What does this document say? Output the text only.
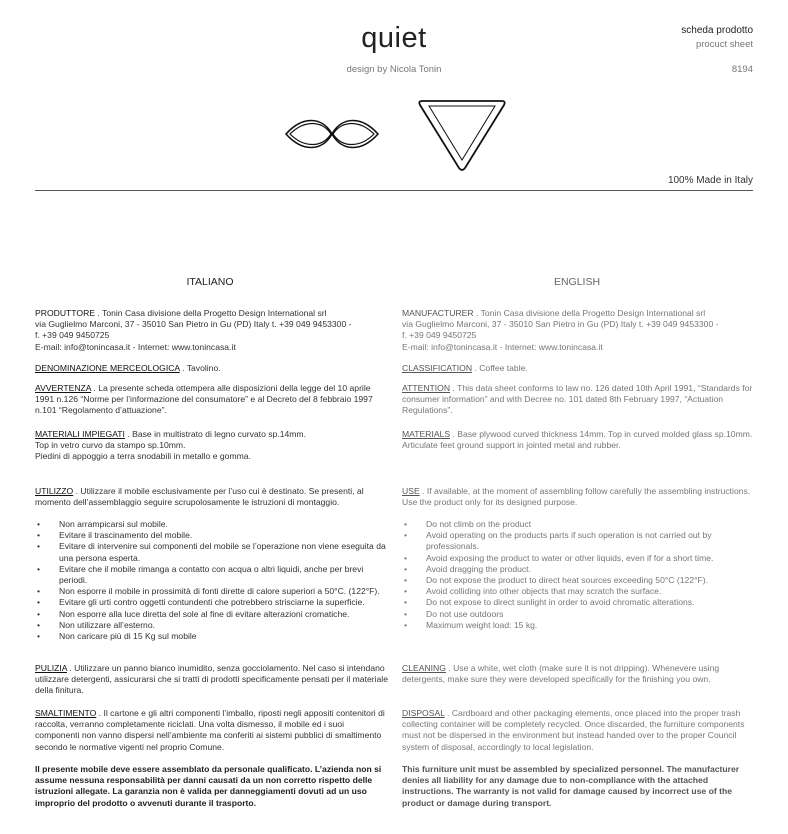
quiet
design by Nicola Tonin
scheda prodotto
procuct sheet
8194
100% Made in Italy
ITALIANO	ENGLISH
PRODUTTORE . Tonin Casa divisione della Progetto Design International srl
via Guglielmo Marconi, 37 - 35010 San Pietro in Gu (PD) Italy t. +39 049 9453300 -
f. +39 049 9450725
E-mail: info@tonincasa.it - Internet: www.tonincasa.it
DENOMINAZIONE MERCEOLOGICA . Tavolino.
AVVERTENZA . La presente scheda ottempera alle disposizioni della legge del 10 aprile 1991 n.126 “Norme per l’informazione del consumatore” e al Decreto del 8 febbraio 1997 n.101 “Regolamento d’attuazione”.
MATERIALI IMPIEGATI . Base in multistrato di legno curvato sp.14mm.
Top in vetro curvo da stampo sp.10mm.
Piedini di appoggio a terra snodabili in metallo e gomma.
UTILIZZO . Utilizzare il mobile esclusivamente per l’uso cui è destinato. Se presenti, al momento dell’assemblaggio seguire scrupolosamente le istruzioni di montaggio.
• Non arrampicarsi sul mobile.
• Evitare il trascinamento del mobile.
• Evitare di intervenire sui componenti del mobile se l’operazione non viene eseguita da una persona esperta.
• Evitare che il mobile rimanga a contatto con acqua o altri liquidi, anche per brevi periodi.
• Non esporre il mobile in prossimità di fonti dirette di calore superiori a 50°C. (122°F).
• Evitare gli urti contro oggetti contundenti che potrebbero strisciarne la superficie.
• Non esporre alla luce diretta del sole al fine di evitare alterazioni cromatiche.
• Non utilizzare all’esterno.
• Non caricare più di 15 Kg sul mobile
PULIZIA . Utilizzare un panno bianco inumidito, senza gocciolamento. Nel caso si intendano utilizzare detergenti, assicurarsi che si tratti di prodotti specificamente pensati per il materiale della finitura.
SMALTIMENTO . Il cartone e gli altri componenti l’imballo, riposti negli appositi contenitori di raccolta, verranno completamente riciclati. Una volta dismesso, il mobile ed i suoi componenti non vanno dispersi nell’ambiente ma conferiti ai sistemi pubblici di smaltimento secondo le normative vigenti nel proprio Comune.
Il presente mobile deve essere assemblato da personale qualificato. L’azienda non si assume nessuna responsabilità per danni causati da un non corretto rispetto delle istruzioni allegate. La garanzia non è valida per danneggiamenti dovuti ad un uso improprio del prodotto o avvenuti durante il trasporto.
MANUFACTURER . Tonin Casa divisione della Progetto Design International srl
via Guglielmo Marconi, 37 - 35010 San Pietro in Gu (PD) Italy t. +39 049 9453300 -
f. +39 049 9450725
E-mail: info@tonincasa.it - Internet: www.tonincasa.it
CLASSIFICATION . Coffee table.
ATTENTION . This data sheet conforms to law no. 126 dated 10th April 1991, “Standards for consumer information” and with Decree no. 101 dated 8th February 1997, “Actuation Regulations”.
MATERIALS . Base plywood curved thickness 14mm. Top in curved molded glass sp.10mm. Articulate feet ground support in jointed metal and rubber.
USE . If available, at the moment of assembling follow carefully the assembling instructions. Use the product only for its designed purpose.
• Do not climb on the product
• Avoid operating on the products parts if such operation is not carried out by professionals.
• Avoid exposing the product to water or other liquids, even if for a short time.
• Avoid dragging the product.
• Do not expose the product to direct heat sources exceeding 50°C (122°F).
• Avoid colliding into other objects that may scratch the surface.
• Do not expose to direct sunlight in order to avoid chromatic alterations.
• Do not use outdoors
• Maximum weight load: 15 kg.
CLEANING . Use a white, wet cloth (make sure it is not dripping). Whenevere using detergents, make sure they were developed specifically for the finishing you own.
DISPOSAL . Cardboard and other packaging elements, once placed into the proper trash collecting container will be completely recycled. Once discarded, the furniture components must not be dispersed in the environment but instead handed over to the proper Council system of disposal, accordingly to local legislation.
This furniture unit must be assembled by specialized personnel. The manufacturer denies all liability for any damage due to non-compliance with the attached instructions. The warranty is not valid for damage caused by incorrect use of the product or damage during transport.
